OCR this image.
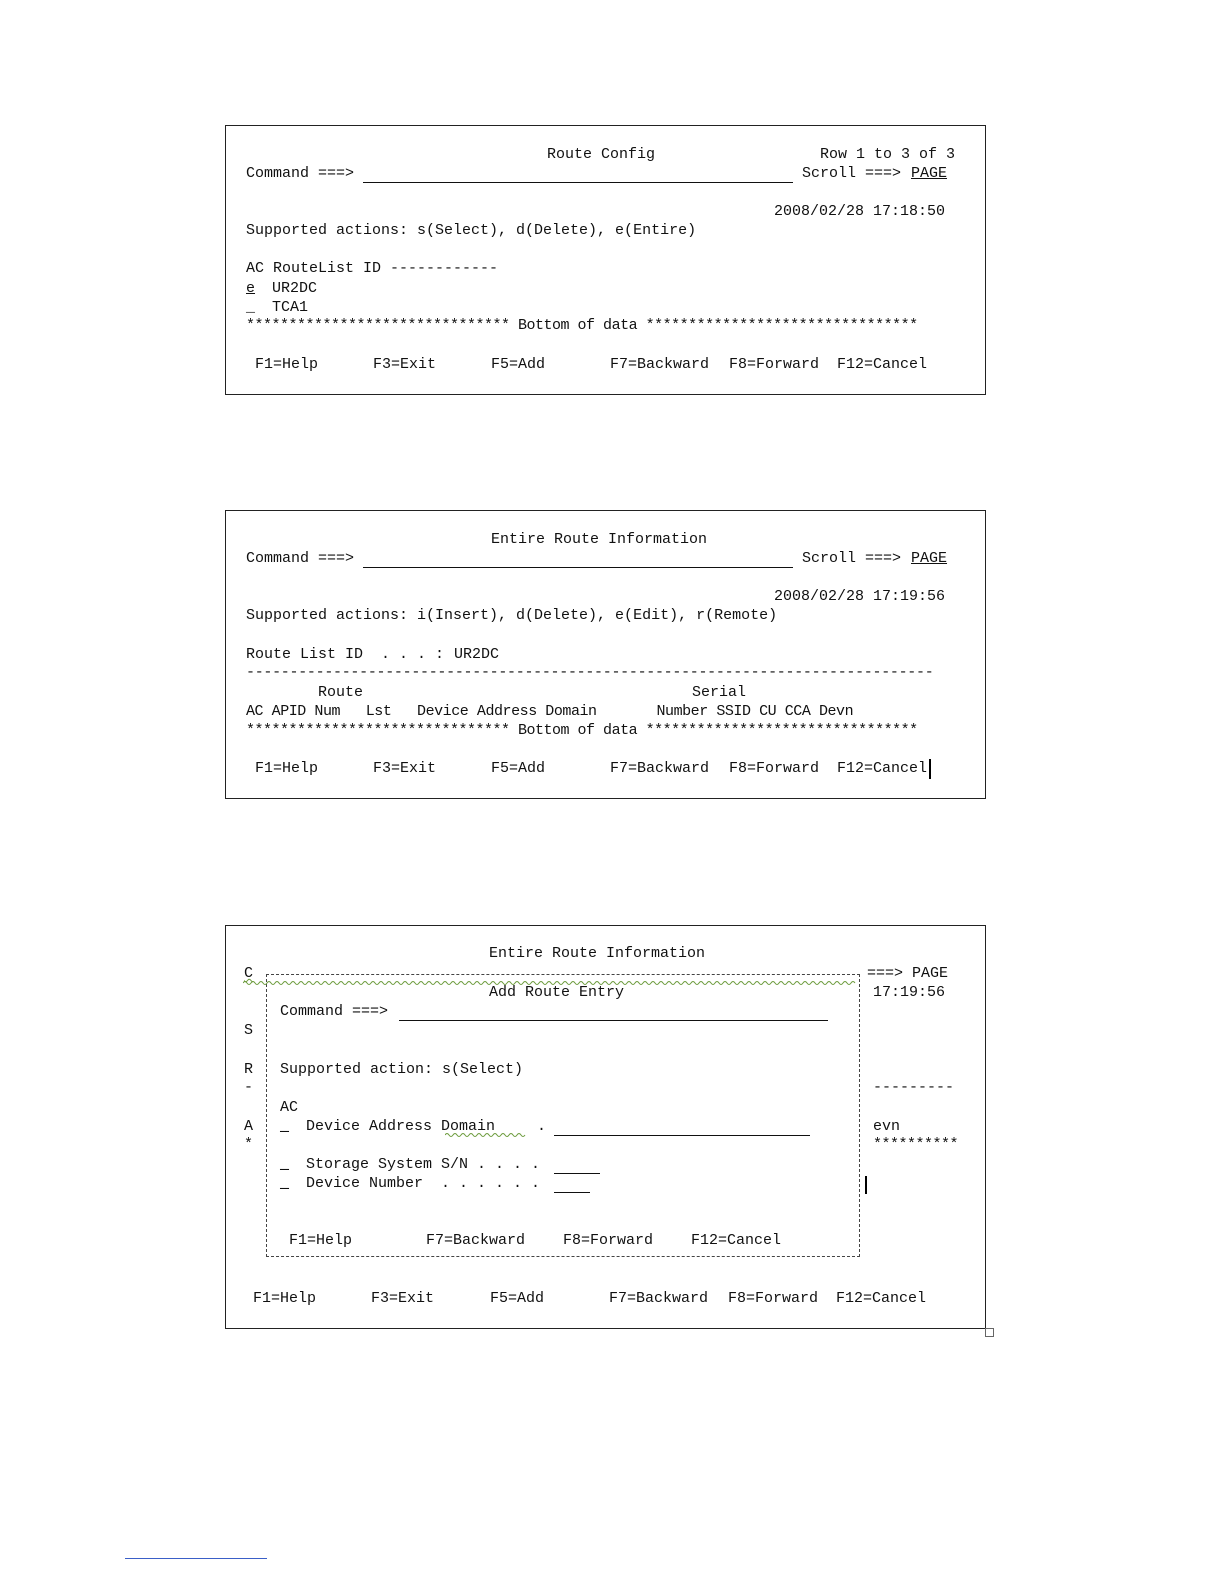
Route Config	Row 1 to 3 of 3
Command ===>	Scroll ===> PAGE
2008/02/28 17:18:50
Supported actions: s(Select), d(Delete), e(Entire)
AC RouteList ID ------------
e UR2DC
_ TCA1
******************************* Bottom of data ********************************
F1=Help	F3=Exit	F5=Add	F7=Backward F8=Forward F12=Cancel
Entire Route Information
Command ===>	Scroll ===> PAGE
2008/02/28 17:19:56
Supported actions: i(Insert), d(Delete), e(Edit), r(Remote)
Route List ID  . . . : UR2DC
-------------------------------------------------------------------------------
Route	Serial
AC APID Num   Lst   Device Address Domain       Number SSID CU CCA Devn
******************************* Bottom of data ********************************
F1=Help	F3=Exit	F5=Add	F7=Backward F8=Forward F12=Cancel
Entire Route Information
C	===> PAGE
17:19:56
S
R
-	---------
A	evn
*	**********
Add Route Entry
Command ===>
Supported action: s(Select)
AC
_ Device Address Domain .
_ Storage System S/N . . . .
_ Device Number  . . . . . .
F1=Help	F7=Backward	F8=Forward	F12=Cancel
F1=Help	F3=Exit	F5=Add	F7=Backward F8=Forward F12=Cancel
